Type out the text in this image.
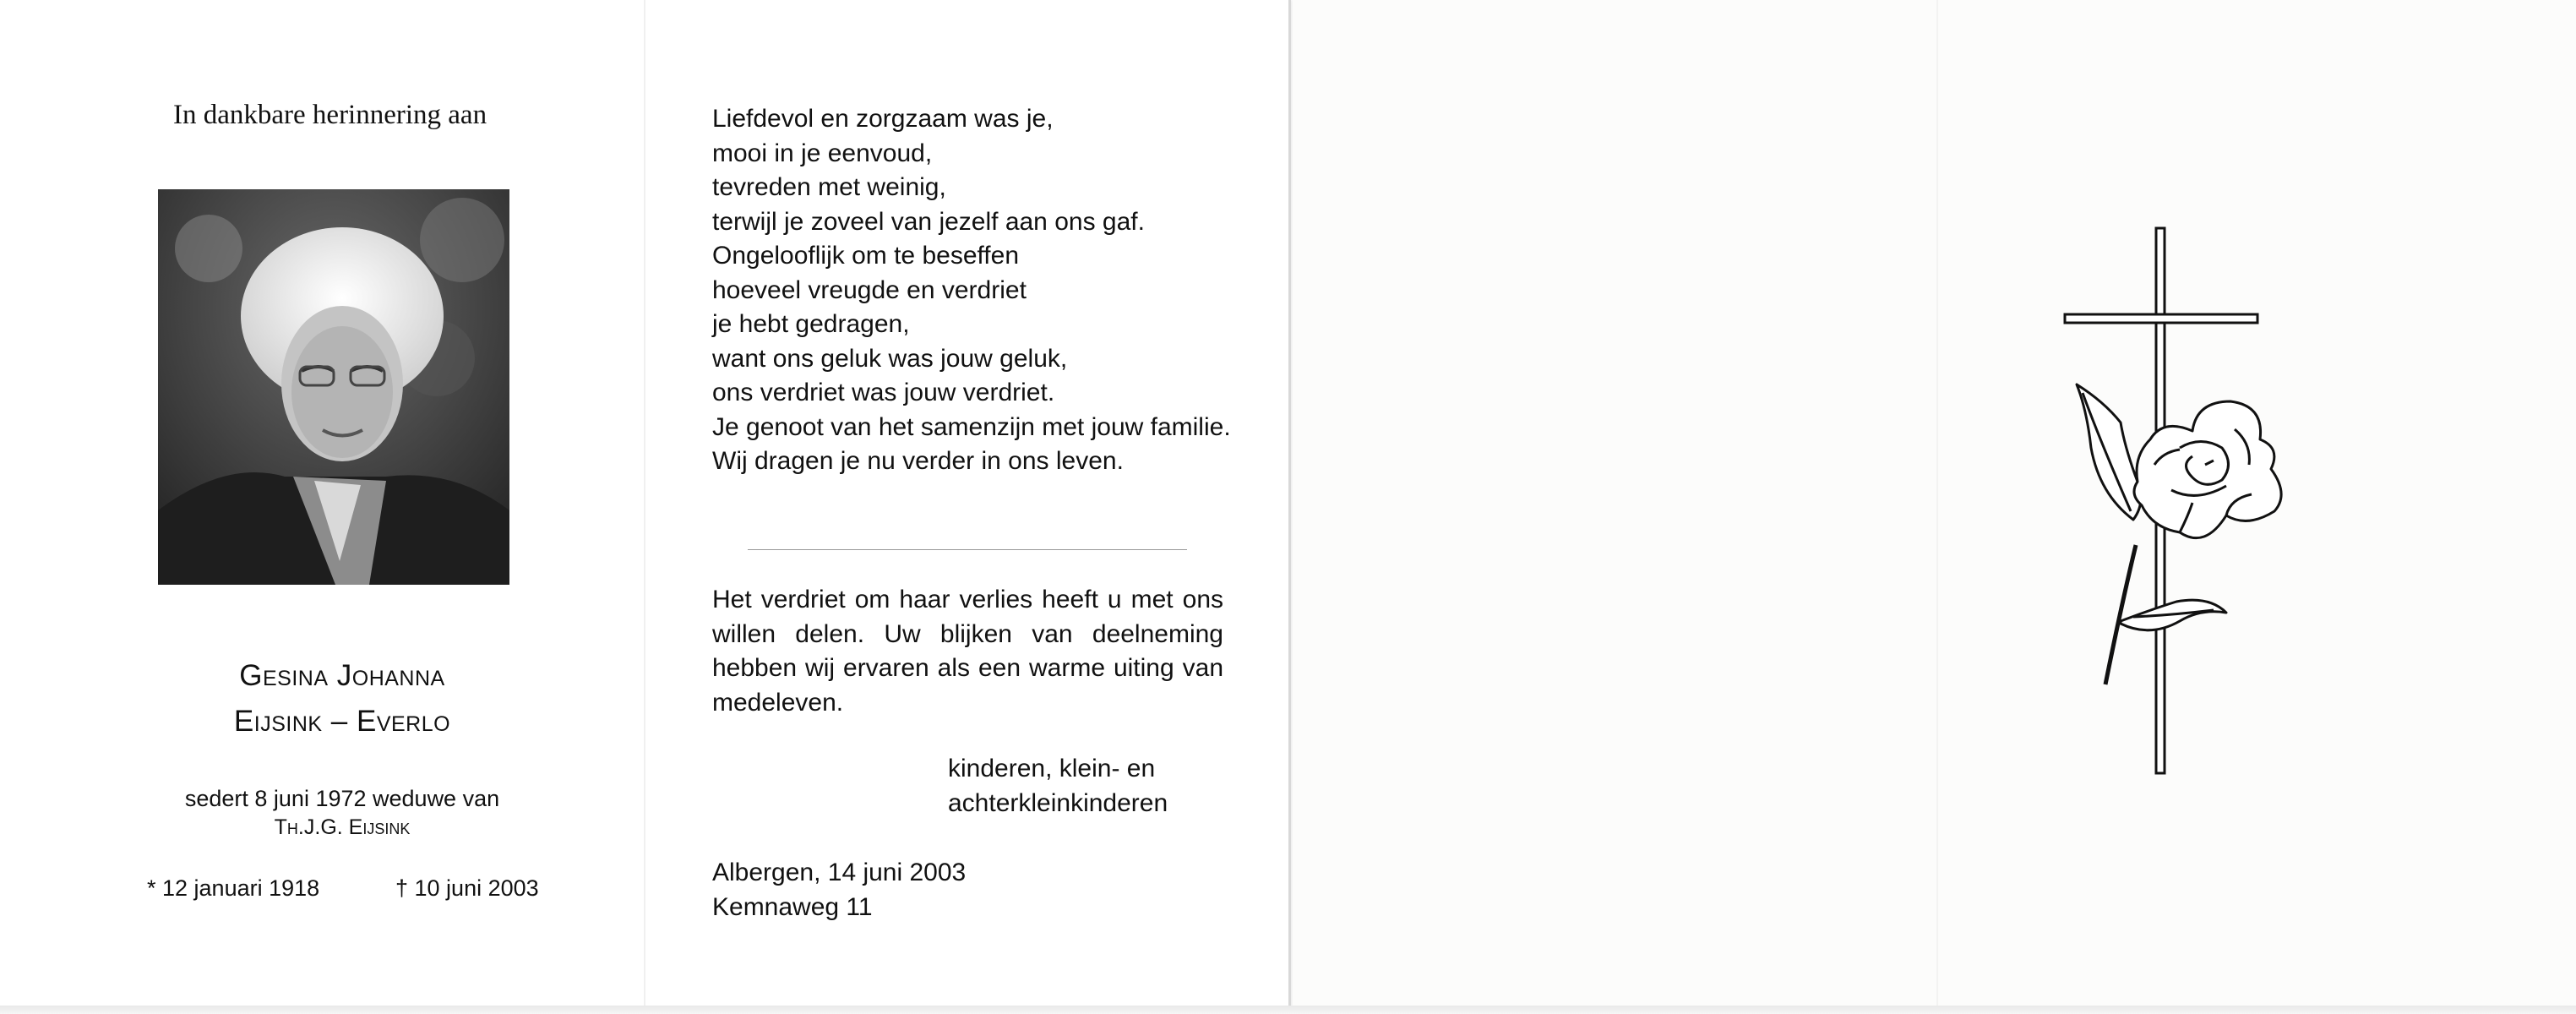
In dankbare herinnering aan
Gesina Johanna
Eijsink – Everlo
sedert 8 juni 1972 weduwe van
Th.J.G. Eijsink
* 12 januari 1918	† 10 juni 2003
Liefdevol en zorgzaam was je,
mooi in je eenvoud,
tevreden met weinig,
terwijl je zoveel van jezelf aan ons gaf.
Ongelooflijk om te beseffen
hoeveel vreugde en verdriet
je hebt gedragen,
want ons geluk was jouw geluk,
ons verdriet was jouw verdriet.
Je genoot van het samenzijn met jouw familie.
Wij dragen je nu verder in ons leven.
Het verdriet om haar verlies heeft u met ons willen delen. Uw blijken van deelneming hebben wij ervaren als een warme uiting van medeleven.
kinderen, klein- en
achterkleinkinderen
Albergen, 14 juni 2003
Kemnaweg 11
